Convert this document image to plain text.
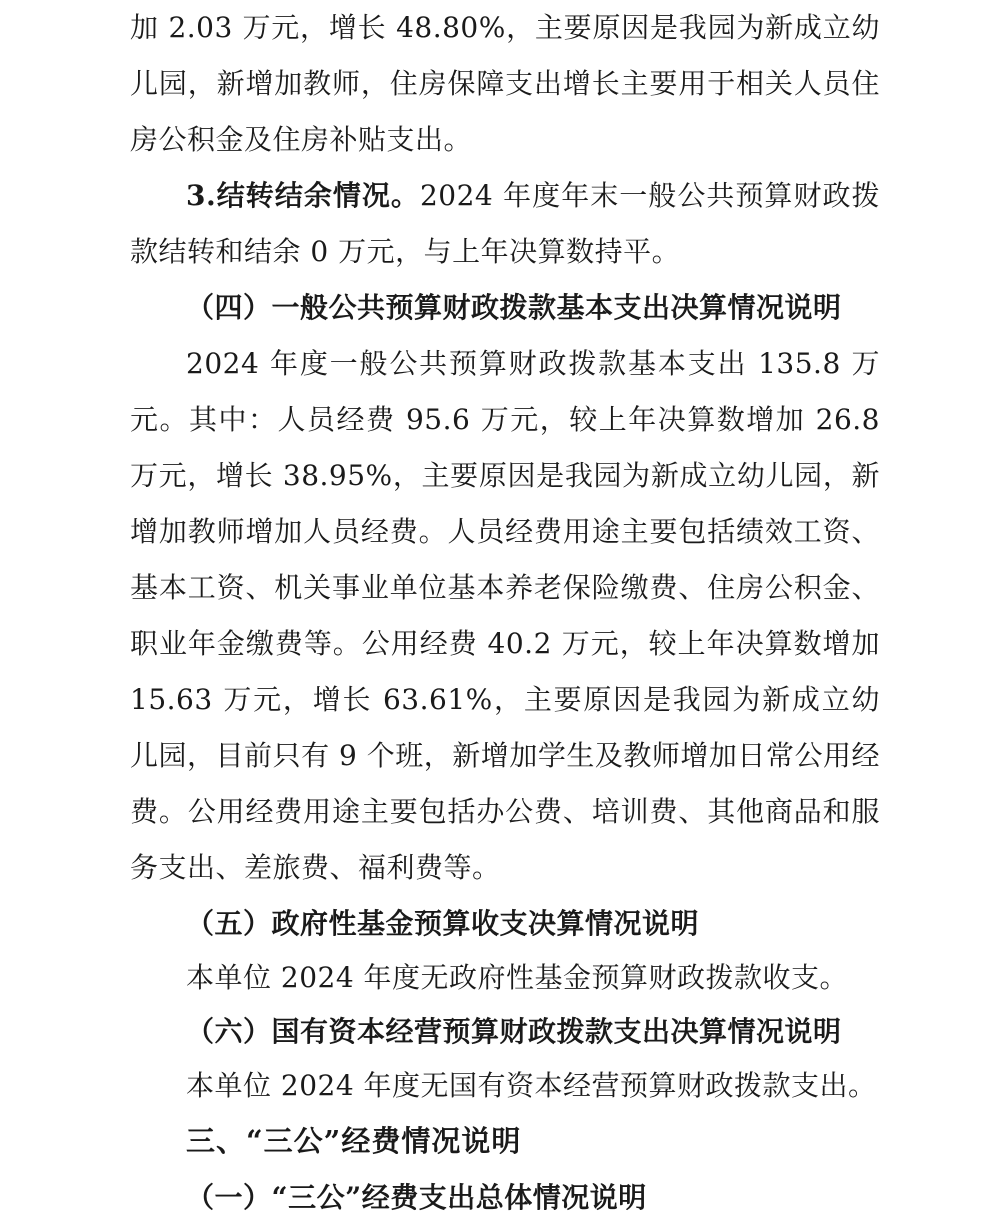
加 2.03 万元，增长 48.80%，主要原因是我园为新成立幼儿园，新增加教师，住房保障支出增长主要用于相关人员住房公积金及住房补贴支出。

3.结转结余情况。2024 年度年末一般公共预算财政拨款结转和结余 0 万元，与上年决算数持平。

（四）一般公共预算财政拨款基本支出决算情况说明

2024 年度一般公共预算财政拨款基本支出 135.8 万元。其中：人员经费 95.6 万元，较上年决算数增加 26.8 万元，增长 38.95%，主要原因是我园为新成立幼儿园，新增加教师增加人员经费。人员经费用途主要包括绩效工资、基本工资、机关事业单位基本养老保险缴费、住房公积金、职业年金缴费等。公用经费 40.2 万元，较上年决算数增加 15.63 万元，增长 63.61%，主要原因是我园为新成立幼儿园，目前只有 9 个班，新增加学生及教师增加日常公用经费。公用经费用途主要包括办公费、培训费、其他商品和服务支出、差旅费、福利费等。

（五）政府性基金预算收支决算情况说明

本单位 2024 年度无政府性基金预算财政拨款收支。

（六）国有资本经营预算财政拨款支出决算情况说明

本单位 2024 年度无国有资本经营预算财政拨款支出。

三、“三公”经费情况说明

（一）“三公”经费支出总体情况说明
